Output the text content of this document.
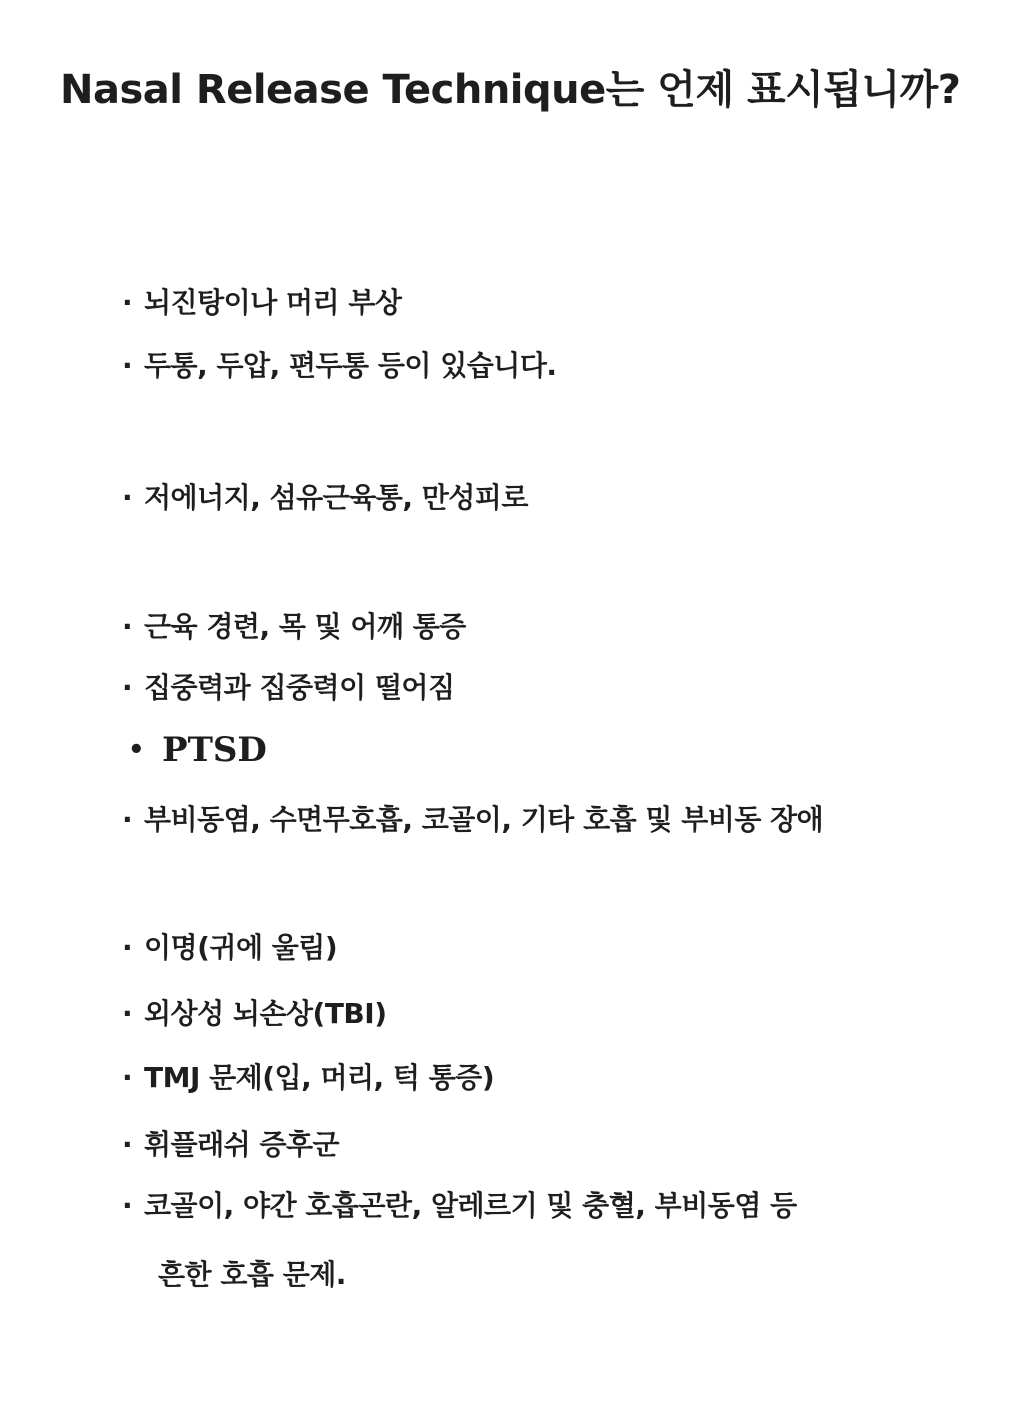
Nasal Release Technique는 언제 표시됩니까?
· 뇌진탕이나 머리 부상
· 두통, 두압, 편두통 등이 있습니다.
· 저에너지, 섬유근육통, 만성피로
· 근육 경련, 목 및 어깨 통증
· 집중력과 집중력이 떨어짐
• PTSD
· 부비동염, 수면무호흡, 코골이, 기타 호흡 및 부비동 장애
· 이명(귀에 울림)
· 외상성 뇌손상(TBI)
· TMJ 문제(입, 머리, 턱 통증)
· 휘플래쉬 증후군
· 코골이, 야간 호흡곤란, 알레르기 및 충혈, 부비동염 등
흔한 호흡 문제.
